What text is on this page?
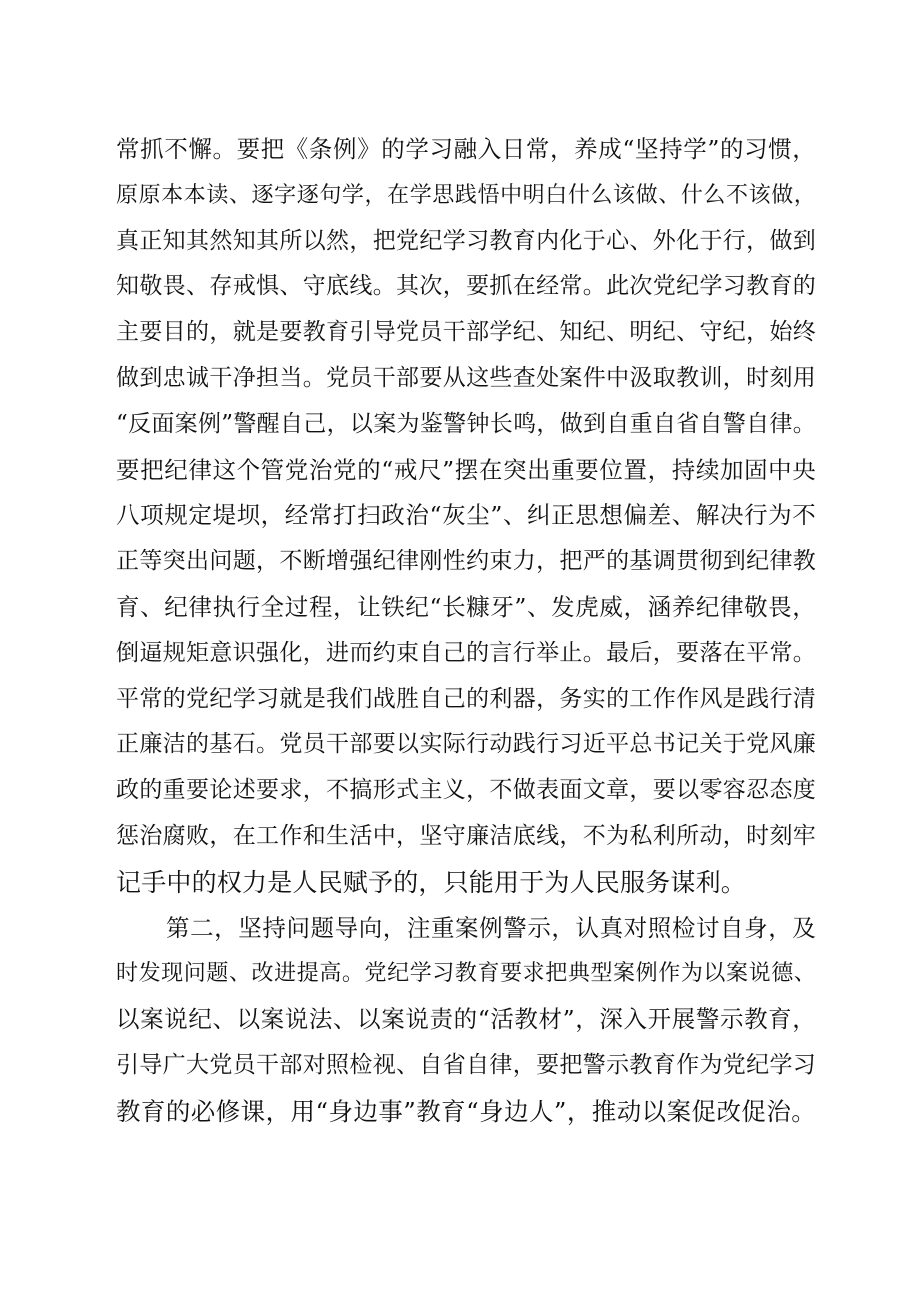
常抓不懈。要把《条例》的学习融入日常，养成“坚持学”的习惯，
原原本本读、逐字逐句学，在学思践悟中明白什么该做、什么不该做，
真正知其然知其所以然，把党纪学习教育内化于心、外化于行，做到
知敬畏、存戒惧、守底线。其次，要抓在经常。此次党纪学习教育的
主要目的，就是要教育引导党员干部学纪、知纪、明纪、守纪，始终
做到忠诚干净担当。党员干部要从这些查处案件中汲取教训，时刻用
“反面案例”警醒自己，以案为鉴警钟长鸣，做到自重自省自警自律。
要把纪律这个管党治党的“戒尺”摆在突出重要位置，持续加固中央
八项规定堤坝，经常打扫政治“灰尘”、纠正思想偏差、解决行为不
正等突出问题，不断增强纪律刚性约束力，把严的基调贯彻到纪律教
育、纪律执行全过程，让铁纪“长糠牙”、发虎威，涵养纪律敬畏，
倒逼规矩意识强化，进而约束自己的言行举止。最后，要落在平常。
平常的党纪学习就是我们战胜自己的利器，务实的工作作风是践行清
正廉洁的基石。党员干部要以实际行动践行习近平总书记关于党风廉
政的重要论述要求，不搞形式主义，不做表面文章，要以零容忍态度
惩治腐败，在工作和生活中，坚守廉洁底线，不为私利所动，时刻牢
记手中的权力是人民赋予的，只能用于为人民服务谋利。
第二，坚持问题导向，注重案例警示，认真对照检讨自身，及
时发现问题、改进提高。党纪学习教育要求把典型案例作为以案说德、
以案说纪、以案说法、以案说责的“活教材”，深入开展警示教育，
引导广大党员干部对照检视、自省自律，要把警示教育作为党纪学习
教育的必修课，用“身边事”教育“身边人”，推动以案促改促治。
